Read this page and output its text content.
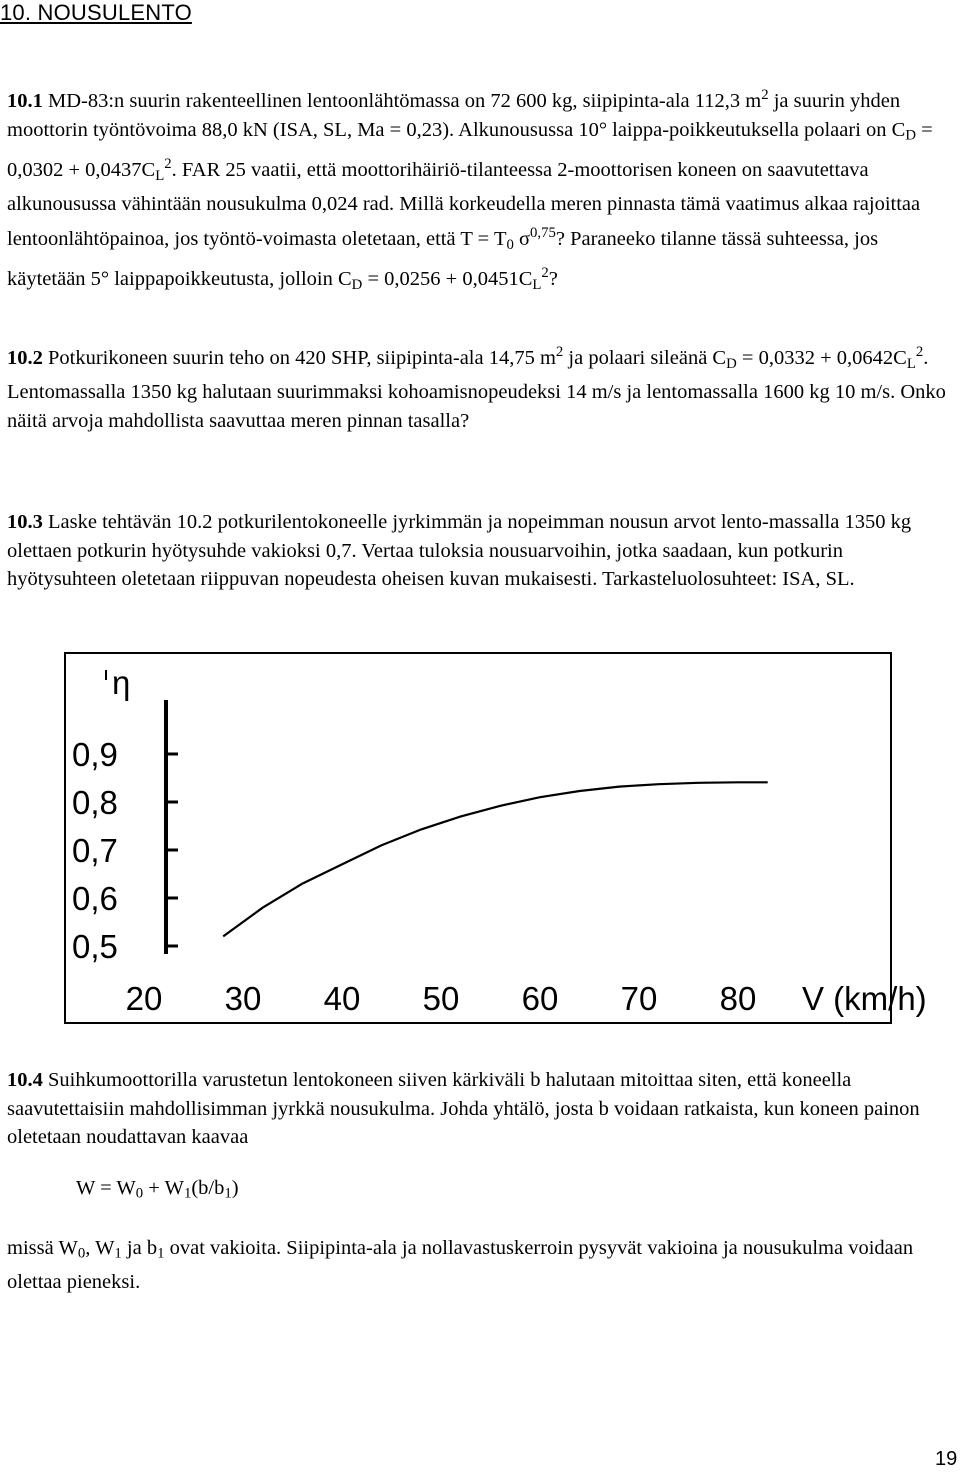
10. NOUSULENTO

10.1 MD-83:n suurin rakenteellinen lentoonlähtömassa on 72 600 kg, siipipinta-ala 112,3 $m^2$ ja suurin yhden moottorin työntövoima 88,0 kN (ISA, SL, Ma = 0,23). Alkunousussa 10° laippa-poikkeutuksella polaari on $C_D = 0,0302 + 0,0437C_L^2$. FAR 25 vaatii, että moottorihäiriö-tilanteessa 2-moottorisen koneen on saavutettava alkunousussa vähintään nousukulma 0,024 rad. Millä korkeudella meren pinnasta tämä vaatimus alkaa rajoittaa lentoonlähtöpainoa, jos työntö-voimasta oletetaan, että $T = T_0$ $\sigma^{0,75}$? Paraneeko tilanne tässä suhteessa, jos käytetään 5° laippapoikkeutusta, jolloin $C_D = 0,0256 + 0,0451C_L^2$?

10.2 Potkurikoneen suurin teho on 420 SHP, siipipinta-ala 14,75 $m^2$ ja polaari sileänä $C_D = 0,0332 + 0,0642C_L^2$. Lentomassalla 1350 kg halutaan suurimmaksi kohoamisnopeudeksi 14 m/s ja lentomassalla 1600 kg 10 m/s. Onko näitä arvoja mahdollista saavuttaa meren pinnan tasalla?

10.3 Laske tehtävän 10.2 potkurilentokoneelle jyrkimmän ja nopeimman nousun arvot lento-massalla 1350 kg olettaen potkurin hyötysuhde vakioksi 0,7. Vertaa tuloksia nousuarvoihin, jotka saadaan, kun potkurin hyötysuhteen oletetaan riippuvan nopeudesta oheisen kuvan mukaisesti. Tarkasteluolosuhteet: ISA, SL.

η
0,5
0,6
0,7
0,8
0,9
20 30 40 50 60 70 80 V (km/h)

10.4 Suihkumoottorilla varustetun lentokoneen siiven kärkiväli b halutaan mitoittaa siten, että koneella saavutettaisiin mahdollisimman jyrkkä nousukulma. Johda yhtälö, josta b voidaan ratkaista, kun koneen painon oletetaan noudattavan kaavaa

$W = W_0 + W_1(b/b_1)$

missä $W_0$, $W_1$ ja $b_1$ ovat vakioita. Siipipinta-ala ja nollavastuskerroin pysyvät vakioina ja nousukulma voidaan olettaa pieneksi.

19
